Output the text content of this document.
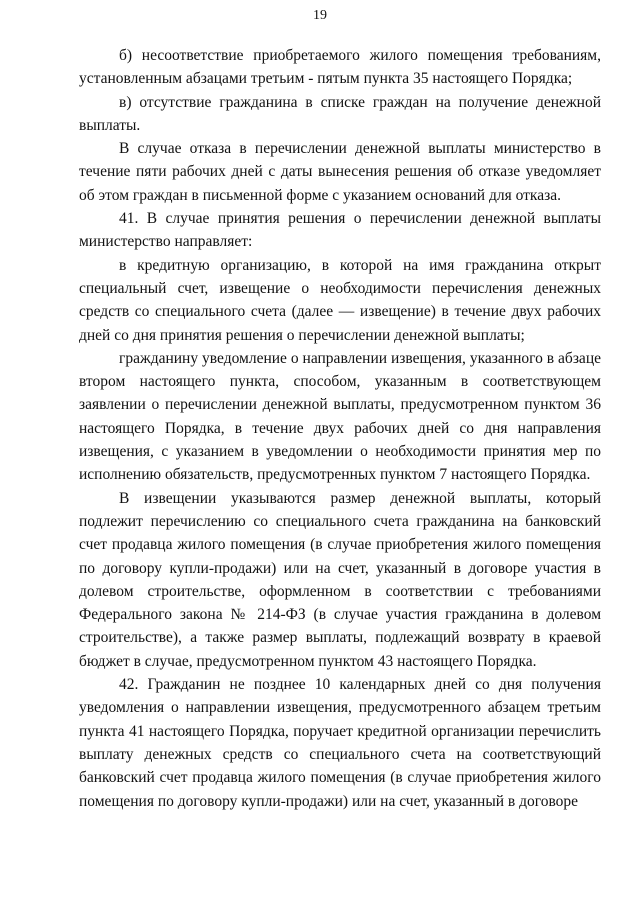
19

б) несоответствие приобретаемого жилого помещения требованиям, установленным абзацами третьим - пятым пункта 35 настоящего Порядка;

в) отсутствие гражданина в списке граждан на получение денежной выплаты.

В случае отказа в перечислении денежной выплаты министерство в течение пяти рабочих дней с даты вынесения решения об отказе уведомляет об этом граждан в письменной форме с указанием оснований для отказа.

41. В случае принятия решения о перечислении денежной выплаты министерство направляет:

в кредитную организацию, в которой на имя гражданина открыт специальный счет, извещение о необходимости перечисления денежных средств со специального счета (далее — извещение) в течение двух рабочих дней со дня принятия решения о перечислении денежной выплаты;

гражданину уведомление о направлении извещения, указанного в абзаце втором настоящего пункта, способом, указанным в соответствующем заявлении о перечислении денежной выплаты, предусмотренном пунктом 36 настоящего Порядка, в течение двух рабочих дней со дня направления извещения, с указанием в уведомлении о необходимости принятия мер по исполнению обязательств, предусмотренных пунктом 7 настоящего Порядка.

В извещении указываются размер денежной выплаты, который подлежит перечислению со специального счета гражданина на банковский счет продавца жилого помещения (в случае приобретения жилого помещения по договору купли-продажи) или на счет, указанный в договоре участия в долевом строительстве, оформленном в соответствии с требованиями Федерального закона № 214-ФЗ (в случае участия гражданина в долевом строительстве), а также размер выплаты, подлежащий возврату в краевой бюджет в случае, предусмотренном пунктом 43 настоящего Порядка.

42. Гражданин не позднее 10 календарных дней со дня получения уведомления о направлении извещения, предусмотренного абзацем третьим пункта 41 настоящего Порядка, поручает кредитной организации перечислить выплату денежных средств со специального счета на соответствующий банковский счет продавца жилого помещения (в случае приобретения жилого помещения по договору купли-продажи) или на счет, указанный в договоре
